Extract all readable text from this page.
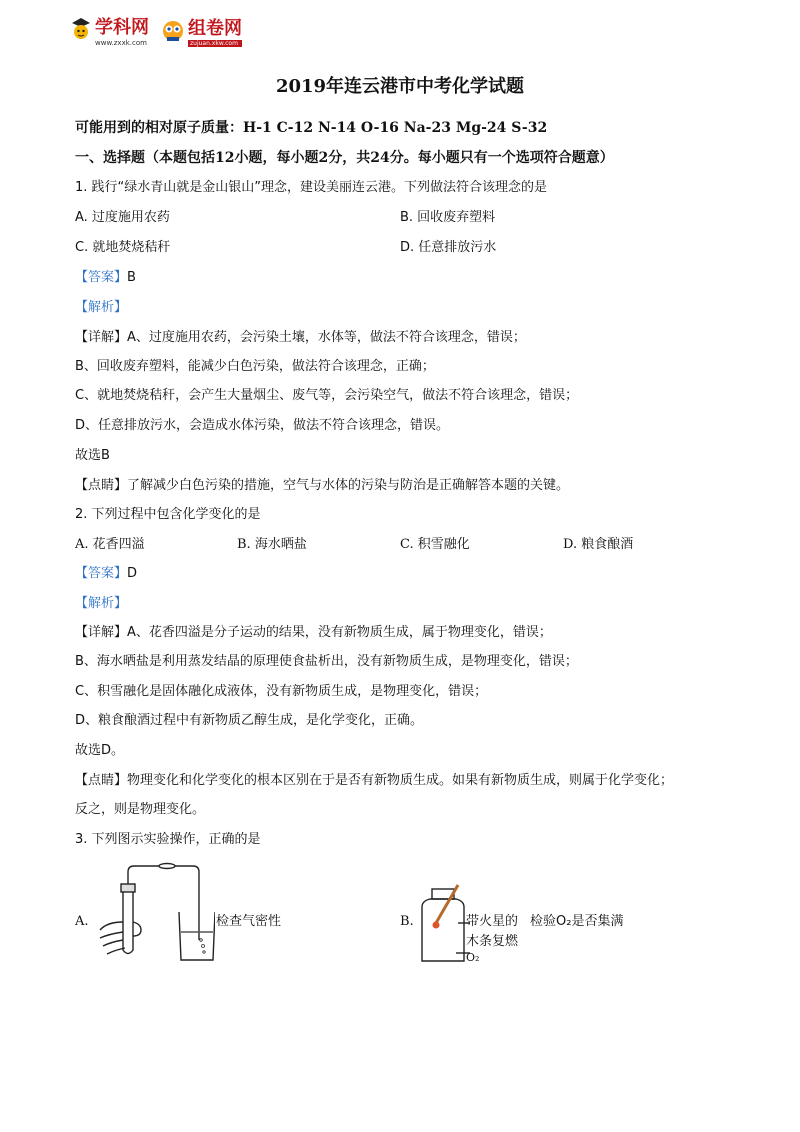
学科网
www.zxxk.com
组卷网
zujuan.xkw.com
2019年连云港市中考化学试题
可能用到的相对原子质量：H-1 C-12 N-14 O-16 Na-23 Mg-24 S-32
一、选择题（本题包括12小题，每小题2分，共24分。每小题只有一个选项符合题意）
1. 践行“绿水青山就是金山银山”理念，建设美丽连云港。下列做法符合该理念的是
A. 过度施用农药	B. 回收废弃塑料
C. 就地焚烧秸秆	D. 任意排放污水
【答案】B
【解析】
【详解】A、过度施用农药，会污染土壤，水体等，做法不符合该理念，错误；
B、回收废弃塑料，能减少白色污染，做法符合该理念，正确；
C、就地焚烧秸秆，会产生大量烟尘、废气等，会污染空气，做法不符合该理念，错误；
D、任意排放污水，会造成水体污染，做法不符合该理念，错误。
故选B
【点睛】了解减少白色污染的措施，空气与水体的污染与防治是正确解答本题的关键。
2. 下列过程中包含化学变化的是
A. 花香四溢	B. 海水晒盐	C. 积雪融化	D. 粮食酿酒
【答案】D
【解析】
【详解】A、花香四溢是分子运动的结果，没有新物质生成，属于物理变化，错误；
B、海水晒盐是利用蒸发结晶的原理使食盐析出，没有新物质生成，是物理变化，错误；
C、积雪融化是固体融化成液体，没有新物质生成，是物理变化，错误；
D、粮食酿酒过程中有新物质乙醇生成，是化学变化，正确。
故选D。
【点睛】物理变化和化学变化的根本区别在于是否有新物质生成。如果有新物质生成，则属于化学变化；
反之，则是物理变化。
3. 下列图示实验操作，正确的是
A.	检查气密性	B.	带火星的
木条复燃
检验O₂是否集满
O₂
